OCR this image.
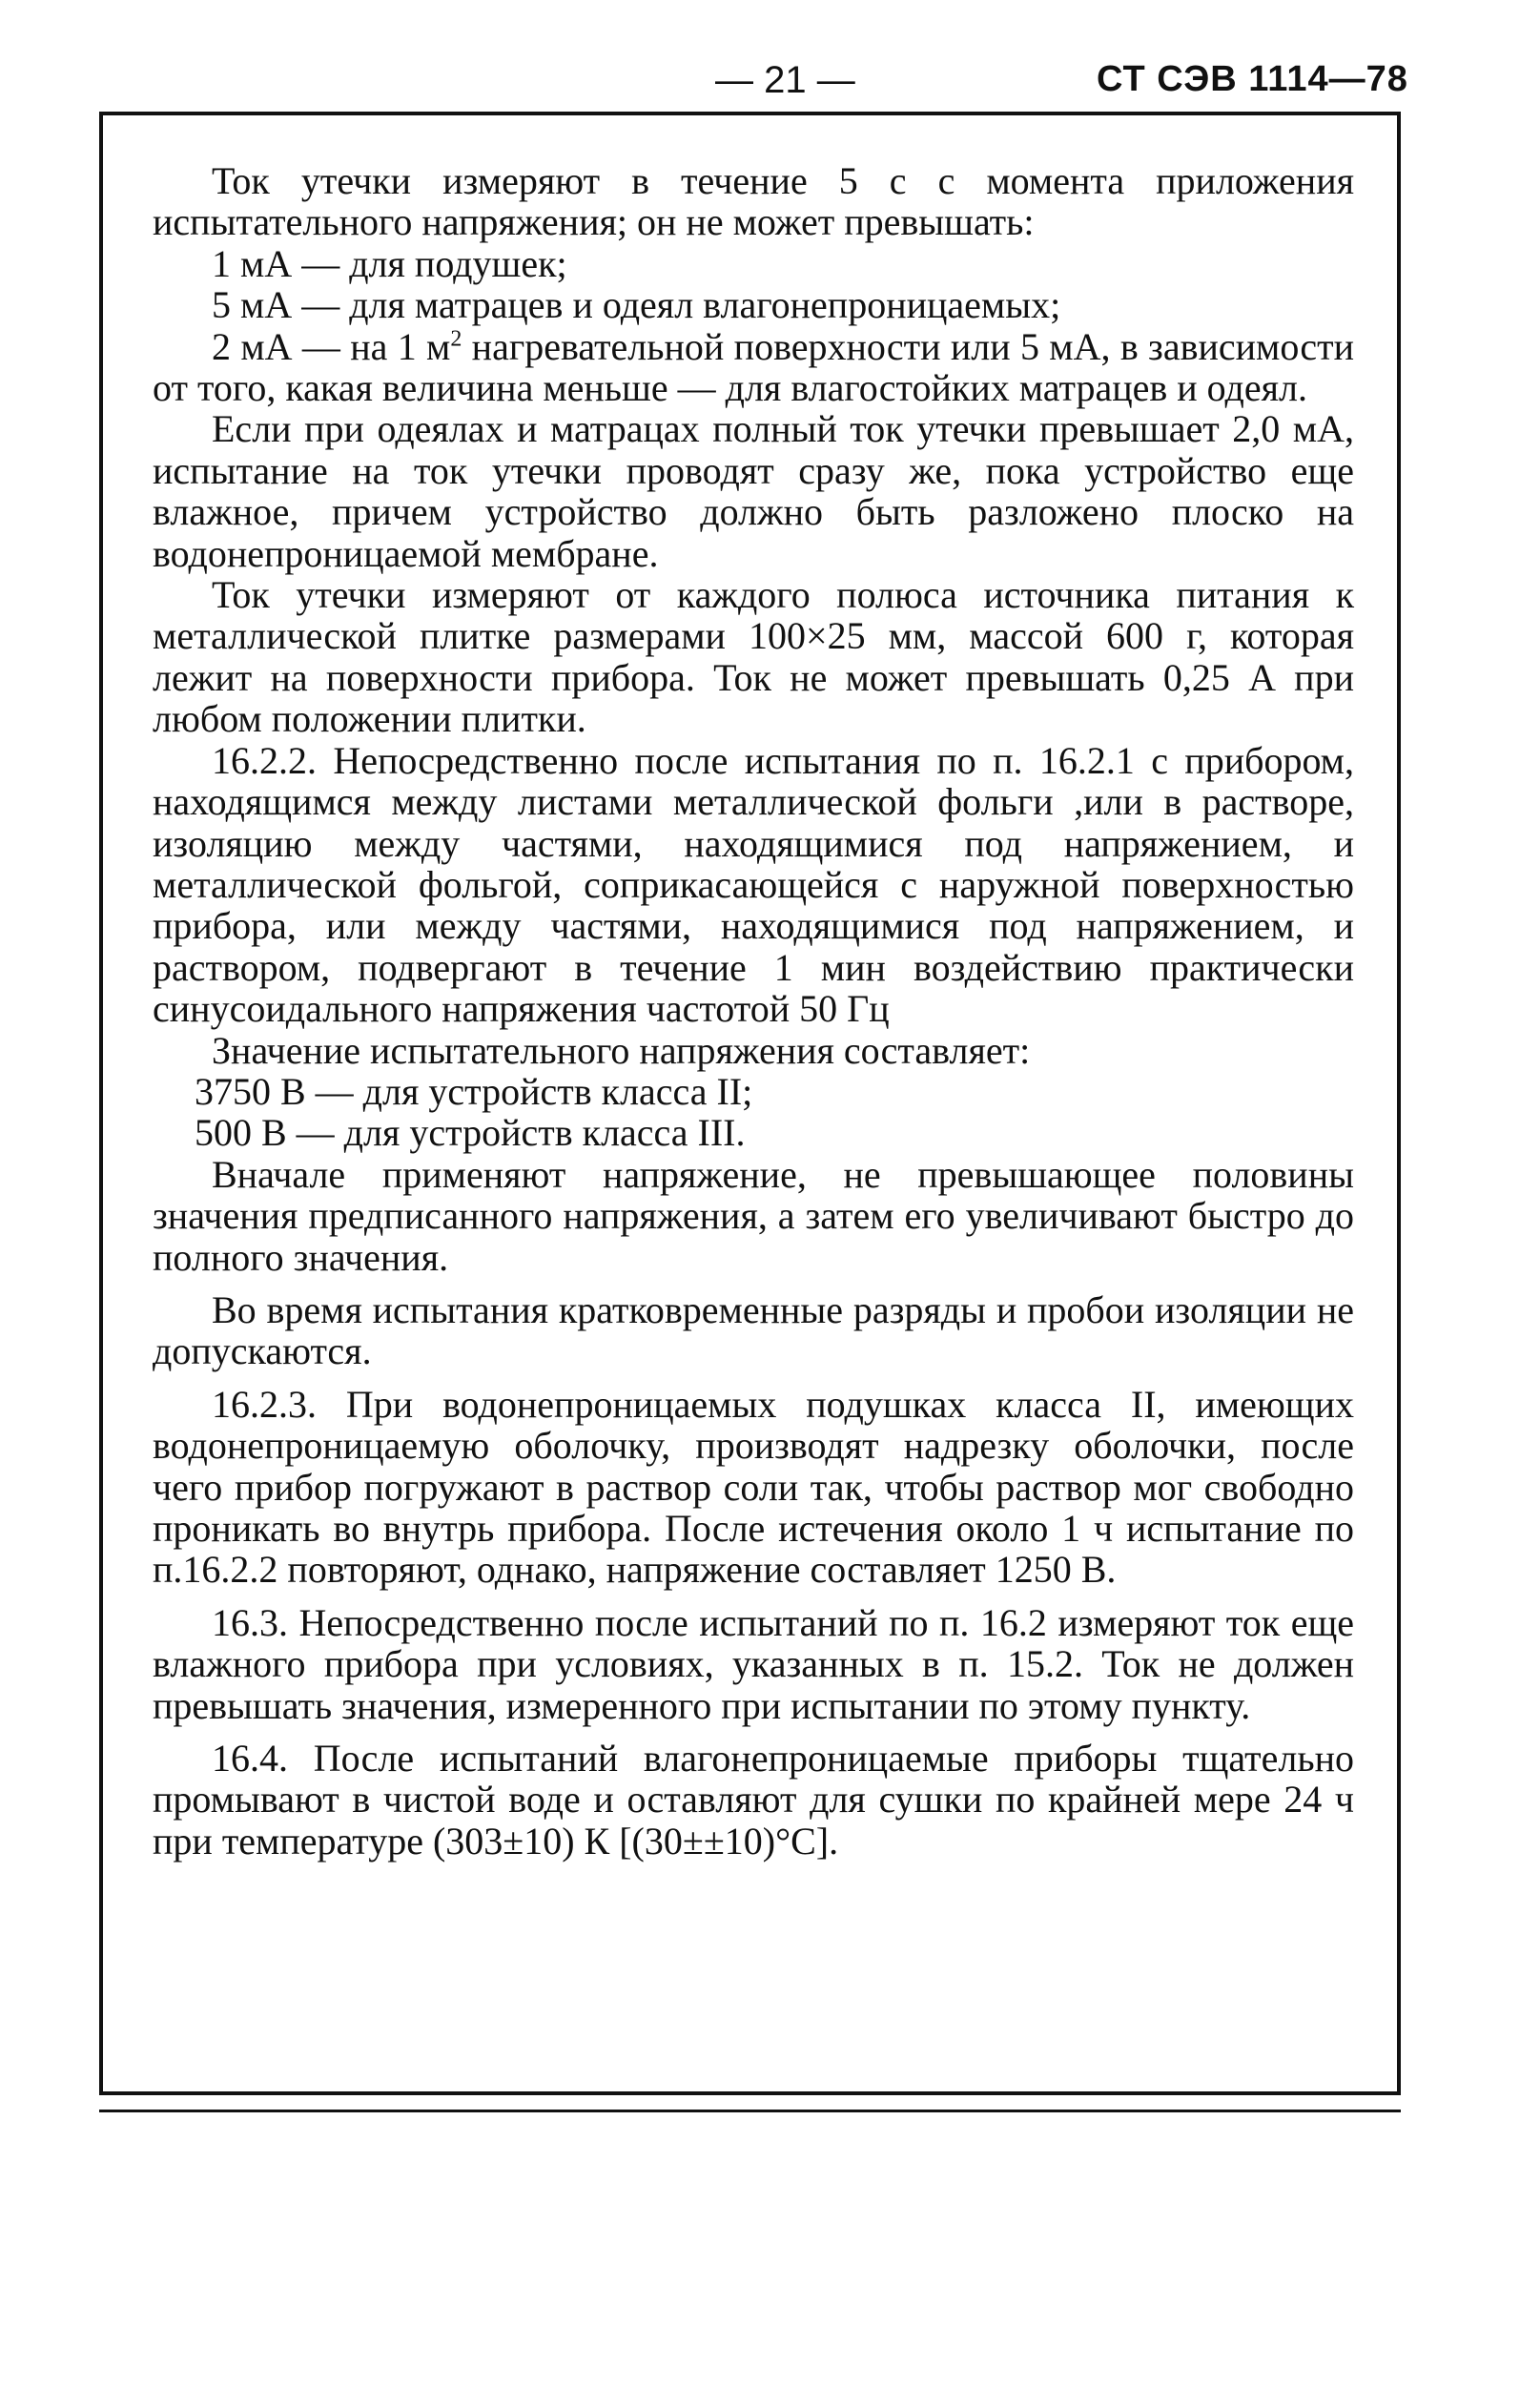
— 21 —	СТ СЭВ 1114—78

Ток утечки измеряют в течение 5 с с момента приложения испытательного напряжения; он не может превышать:

1 мА — для подушек;

5 мА — для матрацев и одеял влагонепроницаемых;

2 мА — на 1 $м^2$ нагревательной поверхности или 5 мА, в зависимости от того, какая величина меньше — для влагостойких матрацев и одеял.

Если при одеялах и матрацах полный ток утечки превышает 2,0 мА, испытание на ток утечки проводят сразу же, пока устройство еще влажное, причем устройство должно быть разложено плоско на водонепроницаемой мембране.

Ток утечки измеряют от каждого полюса источника питания к металлической плитке размерами 100×25 мм, массой 600 г, которая лежит на поверхности прибора. Ток не может превышать 0,25 А при любом положении плитки.

16.2.2. Непосредственно после испытания по п. 16.2.1 с прибором, находящимся между листами металлической фольги ,или в растворе, изоляцию между частями, находящимися под напряжением, и металлической фольгой, соприкасающейся с наружной поверхностью прибора, или между частями, находящимися под напряжением, и раствором, подвергают в течение 1 мин воздействию практически синусоидального напряжения частотой 50 Гц

Значение испытательного напряжения составляет:

3750 В — для устройств класса II;

500 В — для устройств класса III.

Вначале применяют напряжение, не превышающее половины значения предписанного напряжения, а затем его увеличивают быстро до полного значения.

Во время испытания кратковременные разряды и пробои изоляции не допускаются.

16.2.3. При водонепроницаемых подушках класса II, имеющих водонепроницаемую оболочку, производят надрезку оболочки, после чего прибор погружают в раствор соли так, чтобы раствор мог свободно проникать во внутрь прибора. После истечения около 1 ч испытание по п.16.2.2 повторяют, однако, напряжение составляет 1250 В.

16.3. Непосредственно после испытаний по п. 16.2 измеряют ток еще влажного прибора при условиях, указанных в п. 15.2. Ток не должен превышать значения, измеренного при испытании по этому пункту.

16.4. После испытаний влагонепроницаемые приборы тщательно промывают в чистой воде и оставляют для сушки по крайней мере 24 ч при температуре (303±10) К [(30±±10)°С].
